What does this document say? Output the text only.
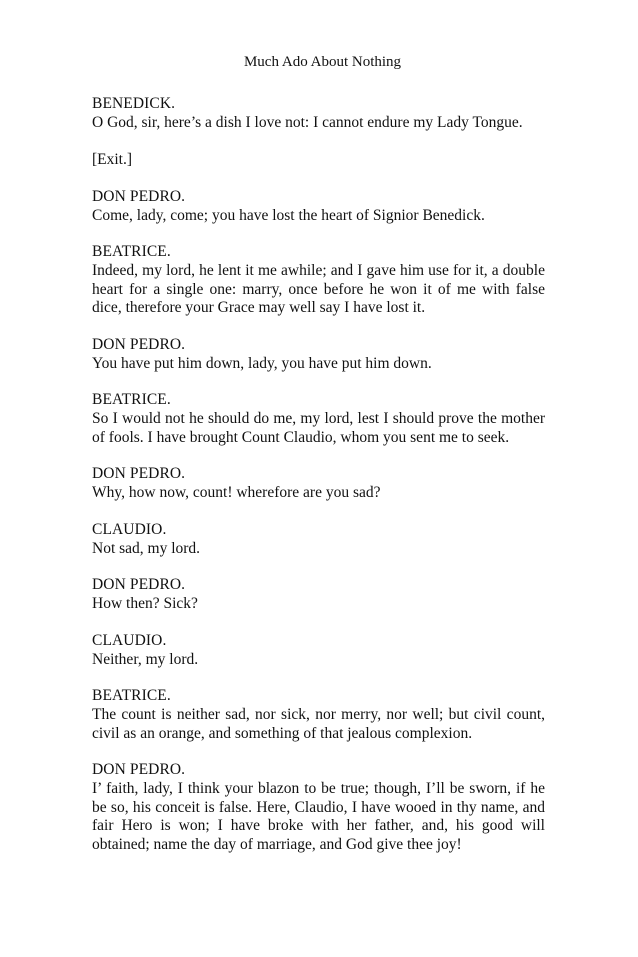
Much Ado About Nothing
BENEDICK.

O God, sir, here’s a dish I love not: I cannot endure my Lady Tongue.

[Exit.]
DON PEDRO.

Come, lady, come; you have lost the heart of Signior Benedick.

BEATRICE.

Indeed, my lord, he lent it me awhile; and I gave him use for it, a double heart for a single one: marry, once before he won it of me with false dice, therefore your Grace may well say I have lost it.

DON PEDRO.

You have put him down, lady, you have put him down.

BEATRICE.

So I would not he should do me, my lord, lest I should prove the mother of fools. I have brought Count Claudio, whom you sent me to seek.

DON PEDRO.

Why, how now, count! wherefore are you sad?

CLAUDIO.

Not sad, my lord.

DON PEDRO.

How then? Sick?

CLAUDIO.

Neither, my lord.

BEATRICE.

The count is neither sad, nor sick, nor merry, nor well; but civil count, civil as an orange, and something of that jealous complexion.

DON PEDRO.

I’ faith, lady, I think your blazon to be true; though, I’ll be sworn, if he be so, his conceit is false. Here, Claudio, I have wooed in thy name, and fair Hero is won; I have broke with her father, and, his good will obtained; name the day of marriage, and God give thee joy!
